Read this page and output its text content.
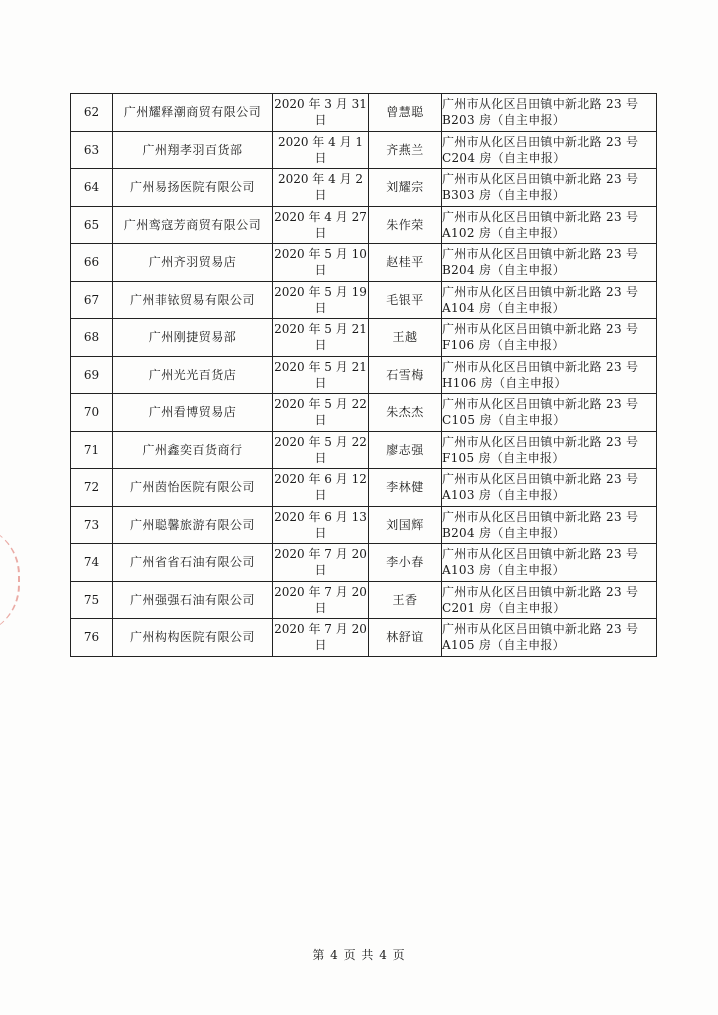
62	广州耀释潮商贸有限公司	2020 年 3 月 31 日	曾慧聪	广州市从化区吕田镇中新北路 23 号
B203 房（自主申报）

63	广州翔孝羽百货部	2020 年 4 月 1 日	齐燕兰	广州市从化区吕田镇中新北路 23 号
C204 房（自主申报）

64	广州易扬医院有限公司	2020 年 4 月 2 日	刘耀宗	广州市从化区吕田镇中新北路 23 号
B303 房（自主申报）

65	广州鸾寇芳商贸有限公司	2020 年 4 月 27 日	朱作荣	广州市从化区吕田镇中新北路 23 号
A102 房（自主申报）

66	广州齐羽贸易店	2020 年 5 月 10 日	赵桂平	广州市从化区吕田镇中新北路 23 号
B204 房（自主申报）

67	广州菲铱贸易有限公司	2020 年 5 月 19 日	毛银平	广州市从化区吕田镇中新北路 23 号
A104 房（自主申报）

68	广州刚捷贸易部	2020 年 5 月 21 日	王越	广州市从化区吕田镇中新北路 23 号
F106 房（自主申报）

69	广州光光百货店	2020 年 5 月 21 日	石雪梅	广州市从化区吕田镇中新北路 23 号
H106 房（自主申报）

70	广州看博贸易店	2020 年 5 月 22 日	朱杰杰	广州市从化区吕田镇中新北路 23 号
C105 房（自主申报）

71	广州鑫奕百货商行	2020 年 5 月 22 日	廖志强	广州市从化区吕田镇中新北路 23 号
F105 房（自主申报）

72	广州茵怡医院有限公司	2020 年 6 月 12 日	李林健	广州市从化区吕田镇中新北路 23 号
A103 房（自主申报）

73	广州聪馨旅游有限公司	2020 年 6 月 13 日	刘国辉	广州市从化区吕田镇中新北路 23 号
B204 房（自主申报）

74	广州省省石油有限公司	2020 年 7 月 20 日	李小春	广州市从化区吕田镇中新北路 23 号
A103 房（自主申报）

75	广州强强石油有限公司	2020 年 7 月 20 日	王香	广州市从化区吕田镇中新北路 23 号
C201 房（自主申报）

76	广州构构医院有限公司	2020 年 7 月 20 日	林舒谊	广州市从化区吕田镇中新北路 23 号
A105 房（自主申报）
第 4 页 共 4 页
